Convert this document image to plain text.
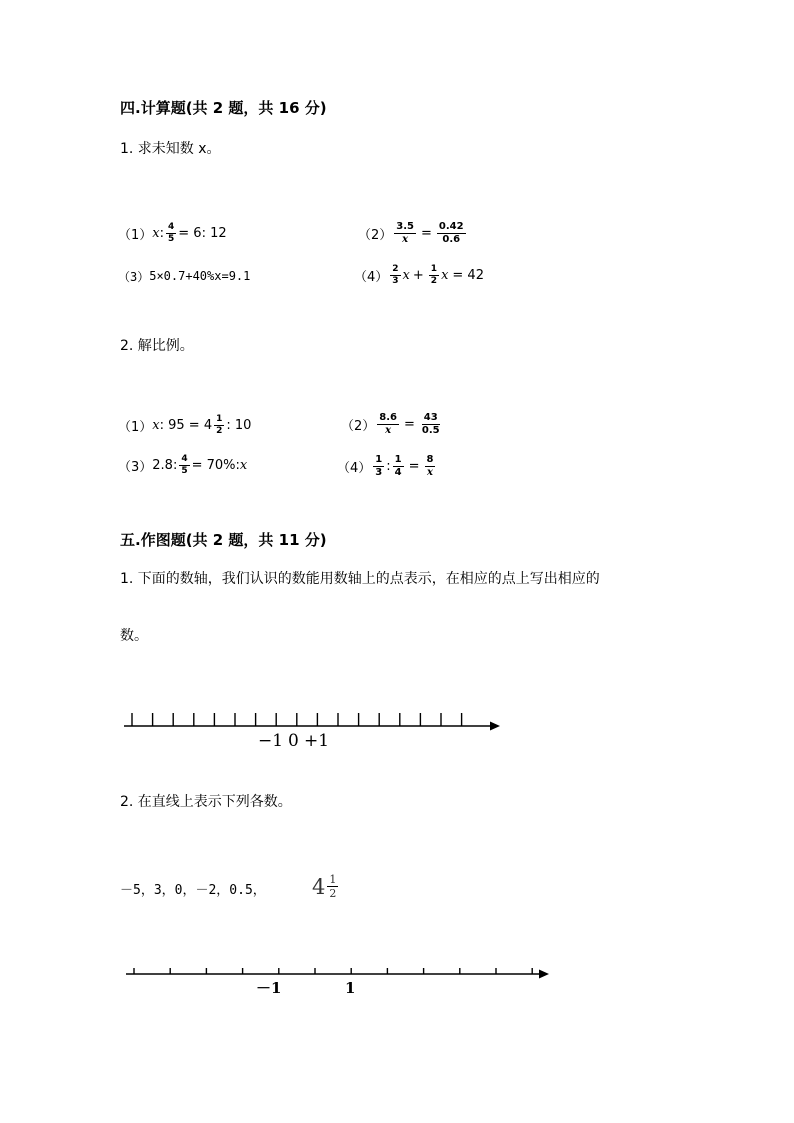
四.计算题(共 2 题，共 16 分)
1. 求未知数 x。
（1） x : $\frac{4}{5} = 6$: 12	$(2) \frac{3.5}{x} = \frac{0.42}{0.6}$
（3） 5×0.7+40%x=9.1	$(4) \frac{2}{3}$ $x + \frac{1}{2}$ x = 42
2. 解比例。
（1） x : $95 = 4 \frac{1}{2}$ : 10	$(2) \frac{8.6}{x} = \frac{43}{0.5}$
（3） 2.8: $\frac{4}{5} = 70\%$: x	$(4) \frac{1}{3}$ : $\frac{1}{4} = \frac{8}{x}$
五.作图题(共 2 题，共 11 分)
1. 下面的数轴，我们认识的数能用数轴上的点表示，在相应的点上写出相应的
数。
−1 0 +1
2. 在直线上表示下列各数。
－5，3，0，－2，0.5， $4 \frac{1}{2}$
－1	1
